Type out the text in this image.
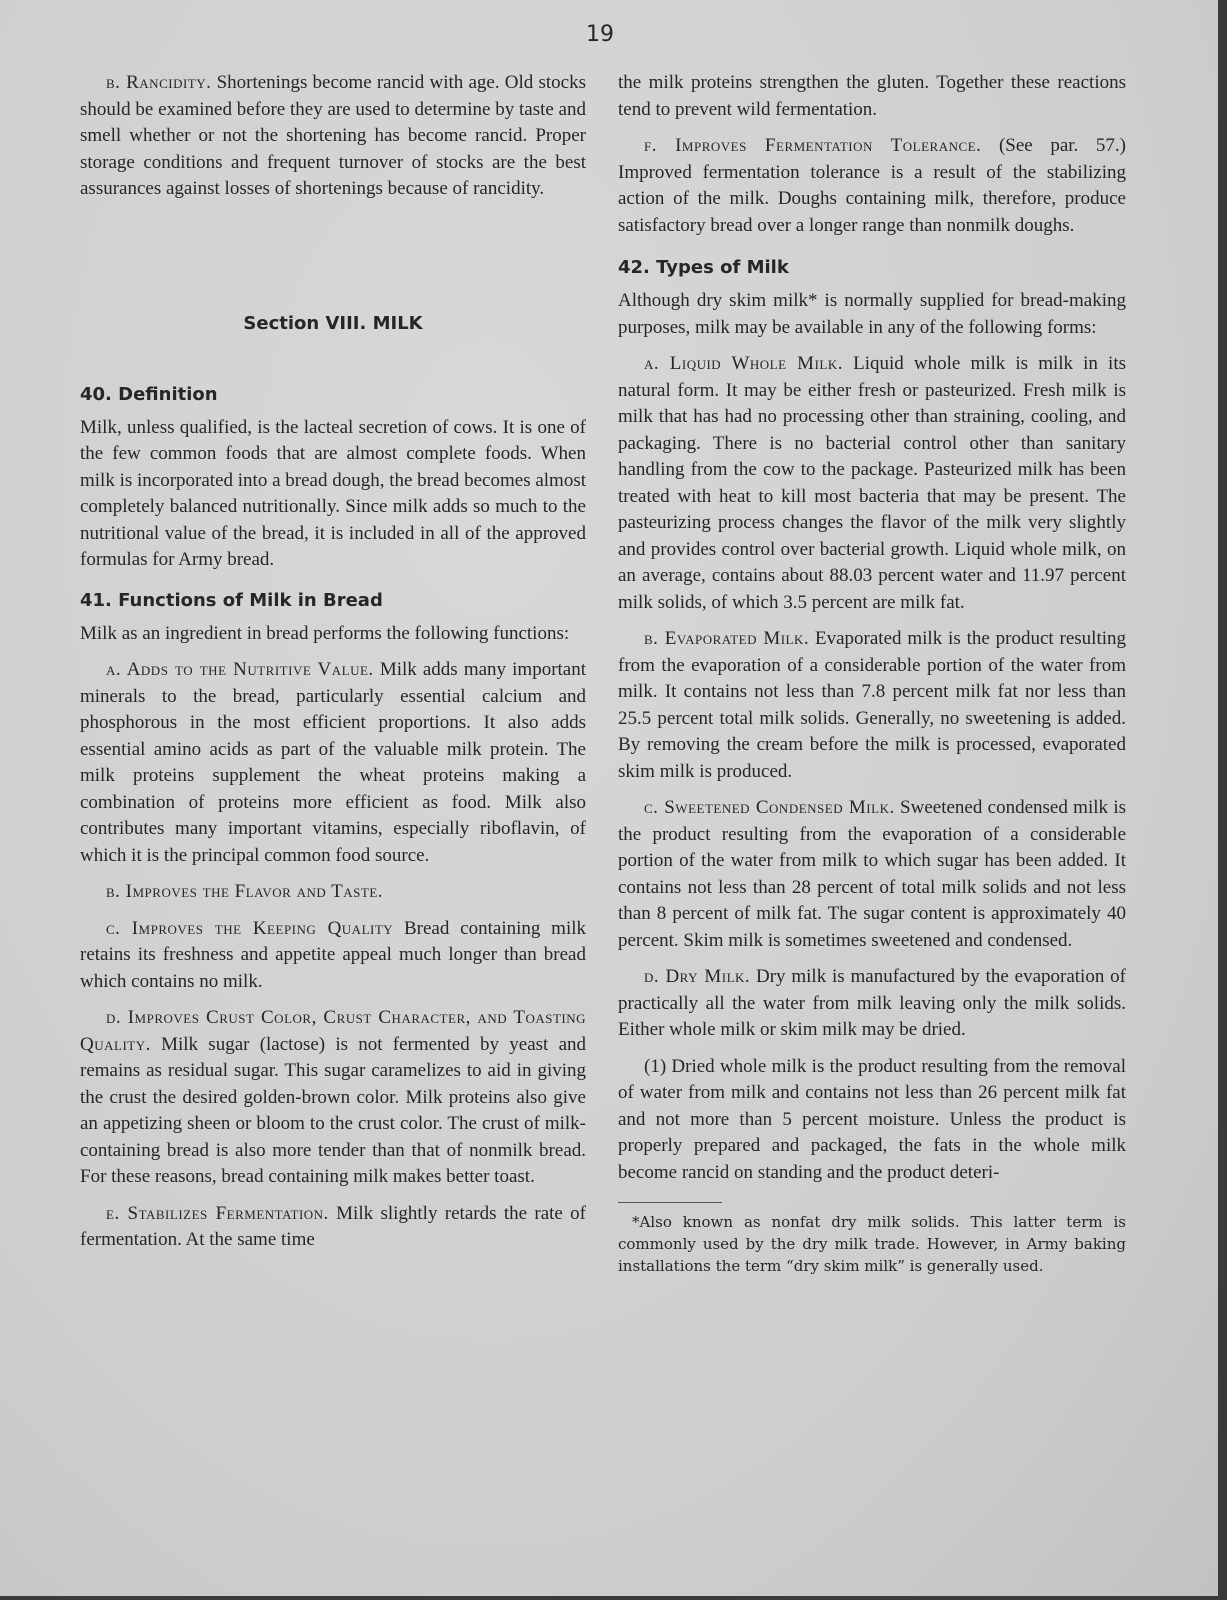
19

b. Rancidity. Shortenings become rancid with age. Old stocks should be examined before they are used to determine by taste and smell whether or not the shortening has become rancid. Proper storage conditions and frequent turnover of stocks are the best assurances against losses of shortenings because of rancidity.

Section VIII. MILK
40. Definition

Milk, unless qualified, is the lacteal secretion of cows. It is one of the few common foods that are almost complete foods. When milk is incorporated into a bread dough, the bread becomes almost completely balanced nutritionally. Since milk adds so much to the nutritional value of the bread, it is included in all of the approved formulas for Army bread.

41. Functions of Milk in Bread

Milk as an ingredient in bread performs the following functions:

a. Adds to the Nutritive Value. Milk adds many important minerals to the bread, particularly essential calcium and phosphorous in the most efficient proportions. It also adds essential amino acids as part of the valuable milk protein. The milk proteins supplement the wheat proteins making a combination of proteins more efficient as food. Milk also contributes many important vitamins, especially riboflavin, of which it is the principal common food source.

b. Improves the Flavor and Taste.

c. Improves the Keeping Quality Bread containing milk retains its freshness and appetite appeal much longer than bread which contains no milk.

d. Improves Crust Color, Crust Character, and Toasting Quality. Milk sugar (lactose) is not fermented by yeast and remains as residual sugar. This sugar caramelizes to aid in giving the crust the desired golden-brown color. Milk proteins also give an appetizing sheen or bloom to the crust color. The crust of milk-containing bread is also more tender than that of nonmilk bread. For these reasons, bread containing milk makes better toast.

e. Stabilizes Fermentation. Milk slightly retards the rate of fermentation. At the same time

the milk proteins strengthen the gluten. Together these reactions tend to prevent wild fermentation.

f. Improves Fermentation Tolerance. (See par. 57.) Improved fermentation tolerance is a result of the stabilizing action of the milk. Doughs containing milk, therefore, produce satisfactory bread over a longer range than nonmilk doughs.

42. Types of Milk

Although dry skim milk* is normally supplied for bread-making purposes, milk may be available in any of the following forms:

a. Liquid Whole Milk. Liquid whole milk is milk in its natural form. It may be either fresh or pasteurized. Fresh milk is milk that has had no processing other than straining, cooling, and packaging. There is no bacterial control other than sanitary handling from the cow to the package. Pasteurized milk has been treated with heat to kill most bacteria that may be present. The pasteurizing process changes the flavor of the milk very slightly and provides control over bacterial growth. Liquid whole milk, on an average, contains about 88.03 percent water and 11.97 percent milk solids, of which 3.5 percent are milk fat.

b. Evaporated Milk. Evaporated milk is the product resulting from the evaporation of a considerable portion of the water from milk. It contains not less than 7.8 percent milk fat nor less than 25.5 percent total milk solids. Generally, no sweetening is added. By removing the cream before the milk is processed, evaporated skim milk is produced.

c. Sweetened Condensed Milk. Sweetened condensed milk is the product resulting from the evaporation of a considerable portion of the water from milk to which sugar has been added. It contains not less than 28 percent of total milk solids and not less than 8 percent of milk fat. The sugar content is approximately 40 percent. Skim milk is sometimes sweetened and condensed.

d. Dry Milk. Dry milk is manufactured by the evaporation of practically all the water from milk leaving only the milk solids. Either whole milk or skim milk may be dried.

(1) Dried whole milk is the product resulting from the removal of water from milk and contains not less than 26 percent milk fat and not more than 5 percent moisture. Unless the product is properly prepared and packaged, the fats in the whole milk become rancid on standing and the product deteri-

*Also known as nonfat dry milk solids. This latter term is commonly used by the dry milk trade. However, in Army baking installations the term “dry skim milk” is generally used.
